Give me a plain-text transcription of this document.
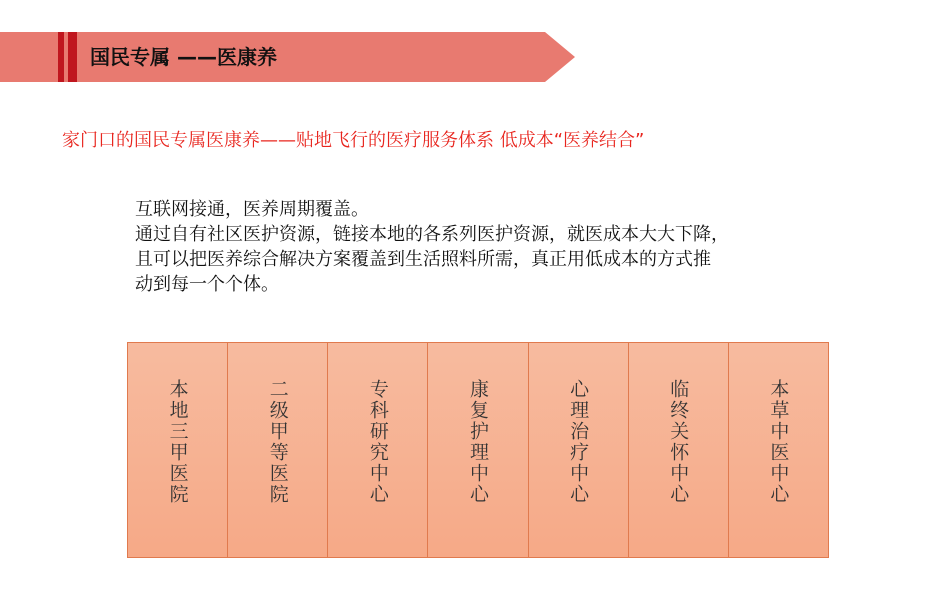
国民专属 ——医康养
家门口的国民专属医康养——贴地飞行的医疗服务体系 低成本“医养结合”

互联网接通，医养周期覆盖。

通过自有社区医护资源，链接本地的各系列医护资源，就医成本大大下降，

且可以把医养综合解决方案覆盖到生活照料所需，真正用低成本的方式推

动到每一个个体。

本地三甲医院	二级甲等医院	专科研究中心	康复护理中心	心理治疗中心	临终关怀中心	本草中医中心
